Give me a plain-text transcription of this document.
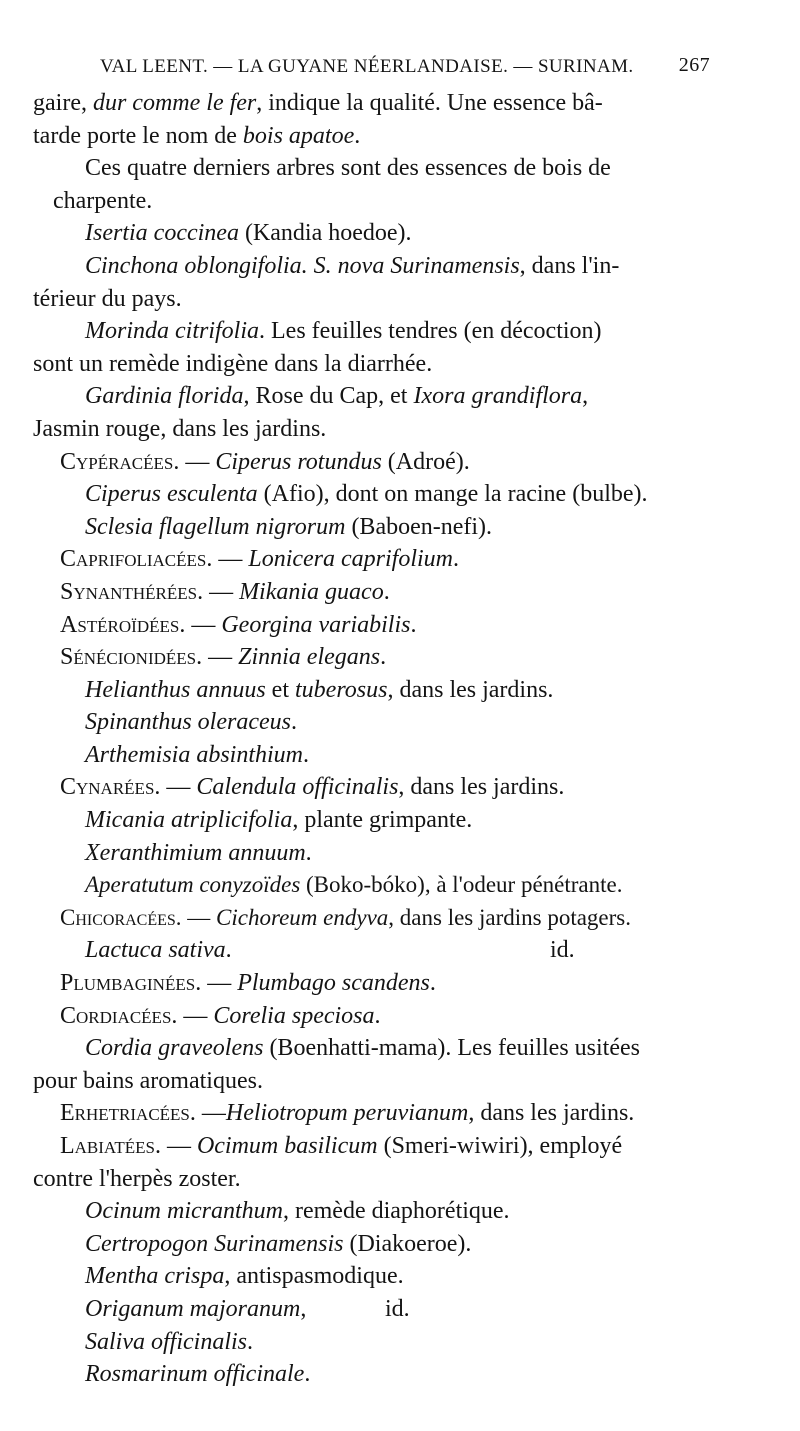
VAL LEENT. — LA GUYANE NÉERLANDAISE. — SURINAM. 267
gaire, dur comme le fer, indique la qualité. Une essence bâ-
tarde porte le nom de bois apatoe.
Ces quatre derniers arbres sont des essences de bois de
charpente.
Isertia coccinea (Kandia hoedoe).
Cinchona oblongifolia. S. nova Surinamensis, dans l'in-
térieur du pays.
Morinda citrifolia. Les feuilles tendres (en décoction)
sont un remède indigène dans la diarrhée.
Gardinia florida, Rose du Cap, et Ixora grandiflora,
Jasmin rouge, dans les jardins.
Cypéracées. — Ciperus rotundus (Adroé).
Ciperus esculenta (Afio), dont on mange la racine (bulbe).
Sclesia flagellum nigrorum (Baboen-nefi).
Caprifoliacées. — Lonicera caprifolium.
Synanthérées. — Mikania guaco.
Astéroïdées. — Georgina variabilis.
Sénécionidées. — Zinnia elegans.
Helianthus annuus et tuberosus, dans les jardins.
Spinanthus oleraceus.
Arthemisia absinthium.
Cynarées. — Calendula officinalis, dans les jardins.
Micania atriplicifolia, plante grimpante.
Xeranthimium annuum.
Aperatutum conyzoïdes (Boko-bóko), à l'odeur pénétrante.
Chicoracées. — Cichoreum endyva, dans les jardins potagers.
Lactuca sativa.	id.
Plumbaginées. — Plumbago scandens.
Cordiacées. — Corelia speciosa.
Cordia graveolens (Boenhatti-mama). Les feuilles usitées
pour bains aromatiques.
Erhetriacées. —Heliotropum peruvianum, dans les jardins.
Labiatées. — Ocimum basilicum (Smeri-wiwiri), employé
contre l'herpès zoster.
Ocinum micranthum, remède diaphorétique.
Certropogon Surinamensis (Diakoeroe).
Mentha crispa, antispasmodique.
Origanum majoranum,	id.
Saliva officinalis.
Rosmarinum officinale.
